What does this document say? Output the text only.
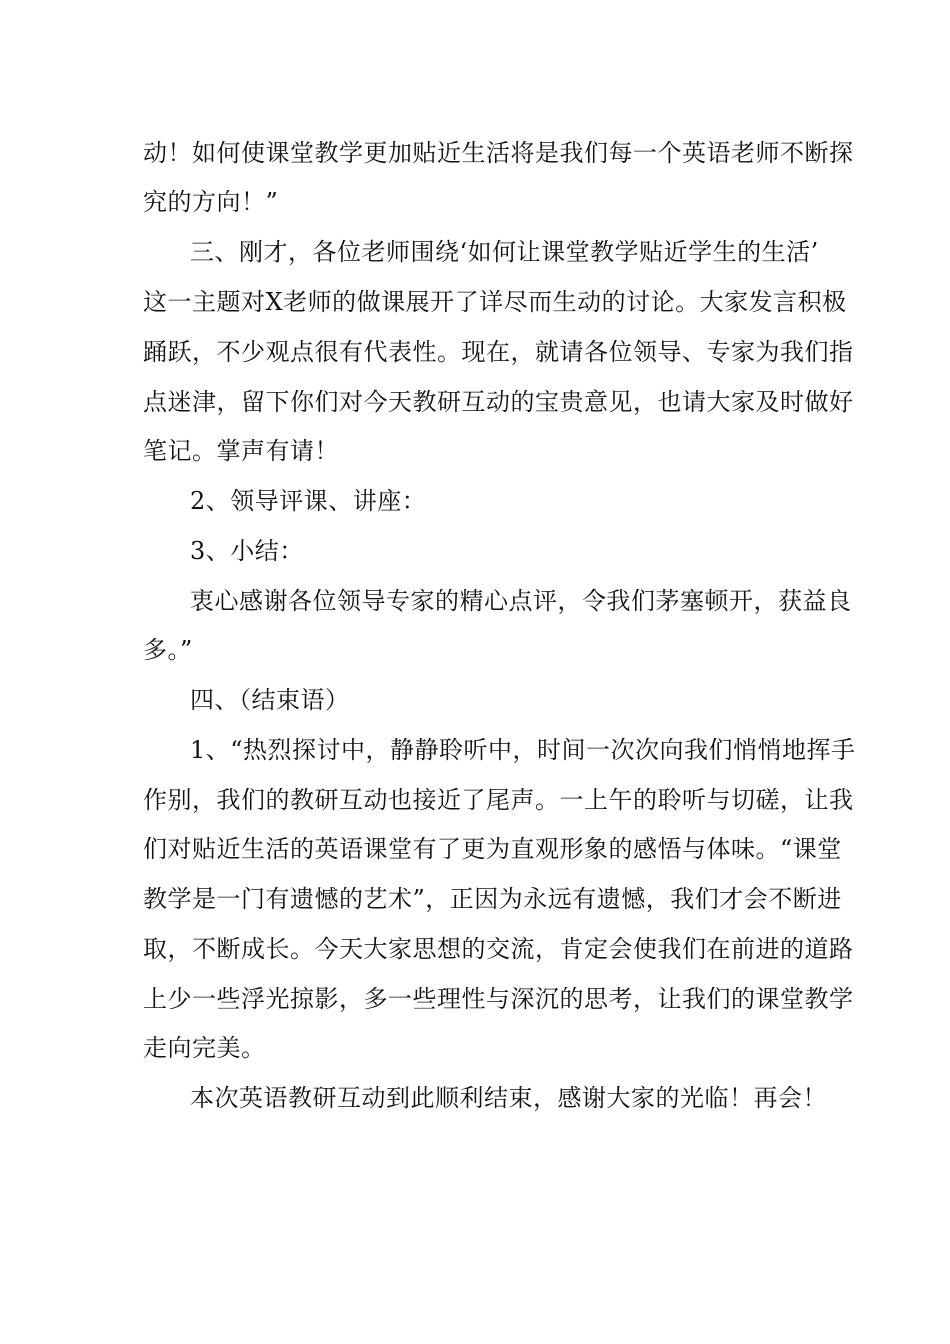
动！如何使课堂教学更加贴近生活将是我们每一个英语老师不断探
究的方向！”
三、刚才，各位老师围绕‘如何让课堂教学贴近学生的生活’
这一主题对X老师的做课展开了详尽而生动的讨论。大家发言积极
踊跃，不少观点很有代表性。现在，就请各位领导、专家为我们指
点迷津，留下你们对今天教研互动的宝贵意见，也请大家及时做好
笔记。掌声有请！
2、领导评课、讲座：
3、小结：
衷心感谢各位领导专家的精心点评，令我们茅塞顿开，获益良
多。”
四、（结束语）
1、“热烈探讨中，静静聆听中，时间一次次向我们悄悄地挥手
作别，我们的教研互动也接近了尾声。一上午的聆听与切磋，让我
们对贴近生活的英语课堂有了更为直观形象的感悟与体味。“课堂
教学是一门有遗憾的艺术”，正因为永远有遗憾，我们才会不断进
取，不断成长。今天大家思想的交流，肯定会使我们在前进的道路
上少一些浮光掠影，多一些理性与深沉的思考，让我们的课堂教学
走向完美。
本次英语教研互动到此顺利结束，感谢大家的光临！再会！
